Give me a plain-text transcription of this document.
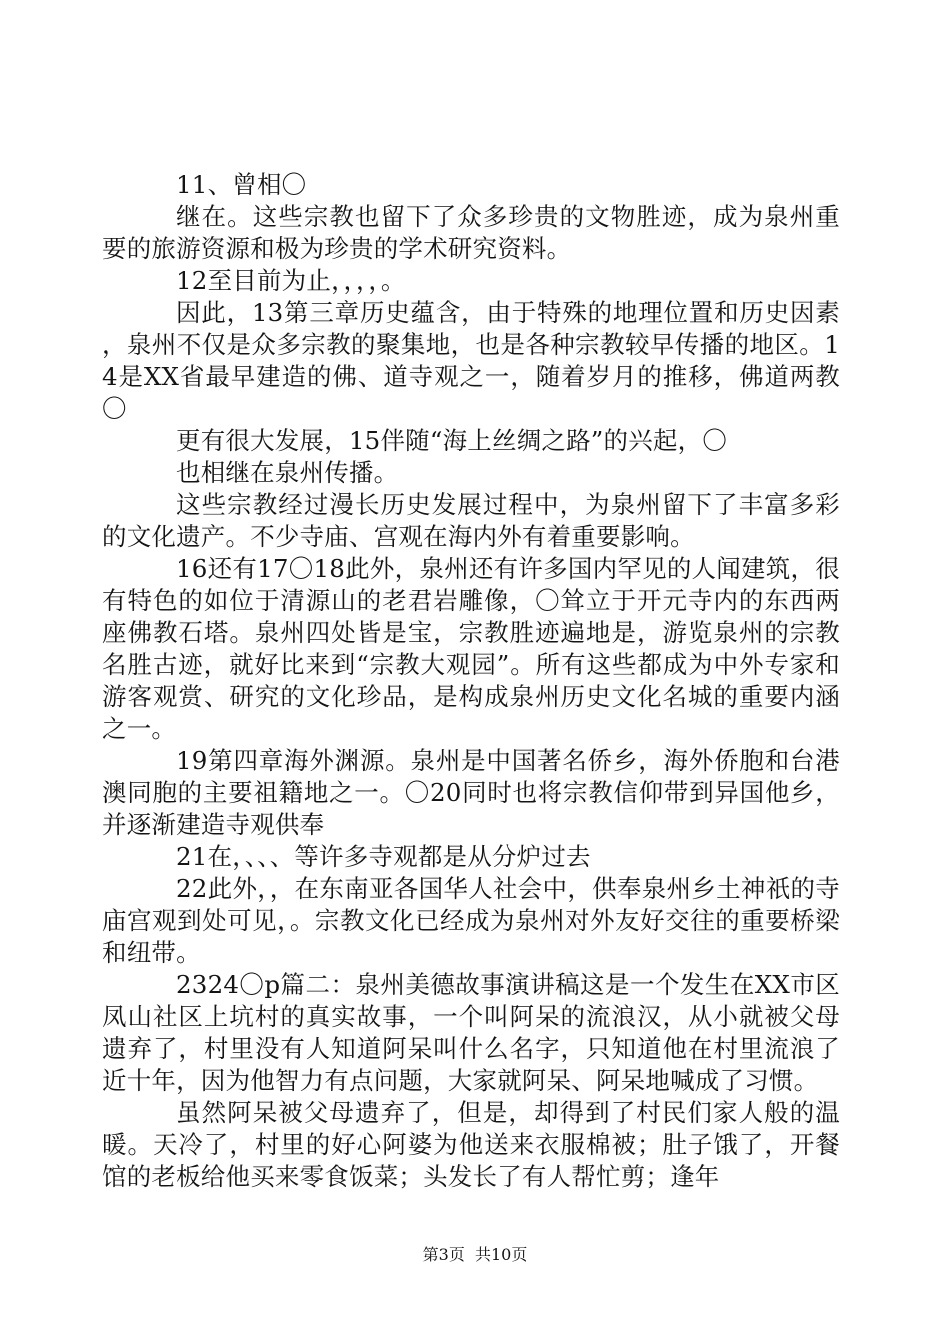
11、曾相〇

继在。这些宗教也留下了众多珍贵的文物胜迹，成为泉州重要的旅游资源和极为珍贵的学术研究资料。

12至目前为止，，，，。

因此，13第三章历史蕴含，由于特殊的地理位置和历史因素，泉州不仅是众多宗教的聚集地，也是各种宗教较早传播的地区。14是XX省最早建造的佛、道寺观之一，随着岁月的推移，佛道两教〇

更有很大发展，15伴随“海上丝绸之路”的兴起，〇

也相继在泉州传播。

这些宗教经过漫长历史发展过程中，为泉州留下了丰富多彩的文化遗产。不少寺庙、宫观在海内外有着重要影响。

16还有17〇18此外，泉州还有许多国内罕见的人闻建筑，很有特色的如位于清源山的老君岩雕像，〇耸立于开元寺内的东西两座佛教石塔。泉州四处皆是宝，宗教胜迹遍地是，游览泉州的宗教名胜古迹，就好比来到“宗教大观园”。所有这些都成为中外专家和游客观赏、研究的文化珍品，是构成泉州历史文化名城的重要内涵之一。

19第四章海外渊源。泉州是中国著名侨乡，海外侨胞和台港澳同胞的主要祖籍地之一。〇20同时也将宗教信仰带到异国他乡，并逐渐建造寺观供奉

21在，、、、等许多寺观都是从分炉过去

22此外，，在东南亚各国华人社会中，供奉泉州乡土神祇的寺庙宫观到处可见，。宗教文化已经成为泉州对外友好交往的重要桥梁和纽带。

2324〇p篇二：泉州美德故事演讲稿这是一个发生在XX市区凤山社区上坑村的真实故事，一个叫阿呆的流浪汉，从小就被父母遗弃了，村里没有人知道阿呆叫什么名字，只知道他在村里流浪了近十年，因为他智力有点问题，大家就阿呆、阿呆地喊成了习惯。

虽然阿呆被父母遗弃了，但是，却得到了村民们家人般的温暖。天冷了，村里的好心阿婆为他送来衣服棉被；肚子饿了，开餐馆的老板给他买来零食饭菜；头发长了有人帮忙剪；逢年

第3页  共10页
